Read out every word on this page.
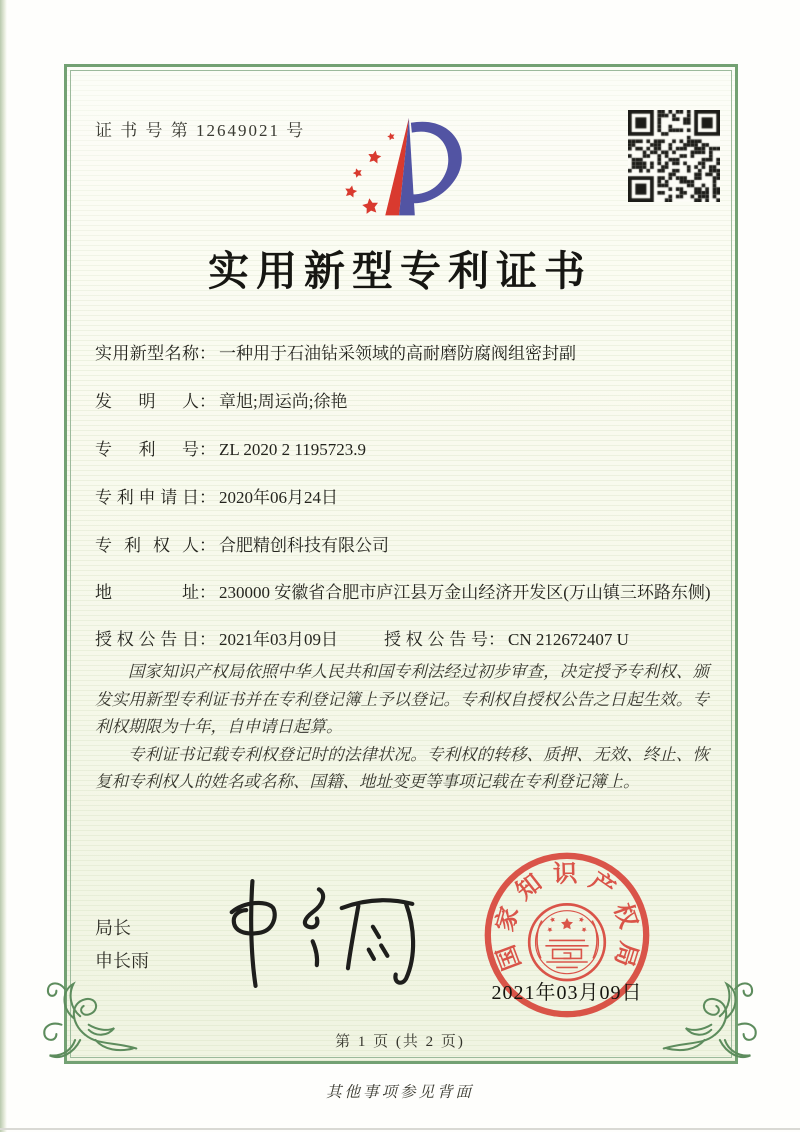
证 书 号 第 12649021 号
实用新型专利证书
实 用 新 型 名 称 ： 一种用于石油钻采领域的高耐磨防腐阀组密封副
发 明 人 ： 章旭;周运尚;徐艳
专 利 号 ： ZL 2020 2 1195723.9
专 利 申 请 日 ： 2020年06月24日
专 利 权 人 ： 合肥精创科技有限公司
地	址 ： 230000 安徽省合肥市庐江县万金山经济开发区(万山镇三环路东侧)
授 权 公 告 日 ： 2021年03月09日	授 权 公 告 号 ： CN 212672407 U

国家知识产权局依照中华人民共和国专利法经过初步审查，决定授予专利权、颁发实用新型专利证书并在专利登记簿上予以登记。专利权自授权公告之日起生效。专利权期限为十年，自申请日起算。

专利证书记载专利权登记时的法律状况。专利权的转移、质押、无效、终止、恢复和专利权人的姓名或名称、国籍、地址变更等事项记载在专利登记簿上。

局长
申长雨	国家知识产权局
2021年03月09日
第 1 页 (共 2 页)
其他事项参见背面
